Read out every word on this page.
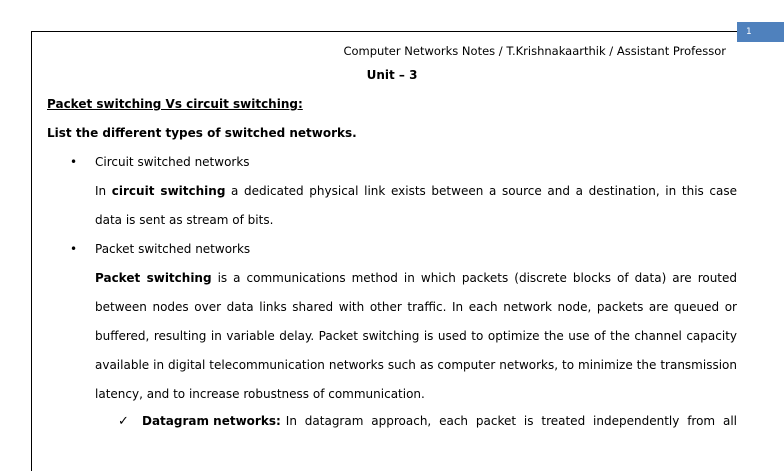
1
Computer Networks Notes / T.Krishnakaarthik / Assistant Professor
Unit – 3
Packet switching Vs circuit switching:
List the different types of switched networks.
• Circuit switched networks
In circuit switching a dedicated physical link exists between a source and a destination, in this case data is sent as stream of bits.
• Packet switched networks
Packet switching is a communications method in which packets (discrete blocks of data) are routed between nodes over data links shared with other traffic. In each network node, packets are queued or buffered, resulting in variable delay. Packet switching is used to optimize the use of the channel capacity available in digital telecommunication networks such as computer networks, to minimize the transmission latency, and to increase robustness of communication.
✓ Datagram networks: In datagram approach, each packet is treated independently from all
